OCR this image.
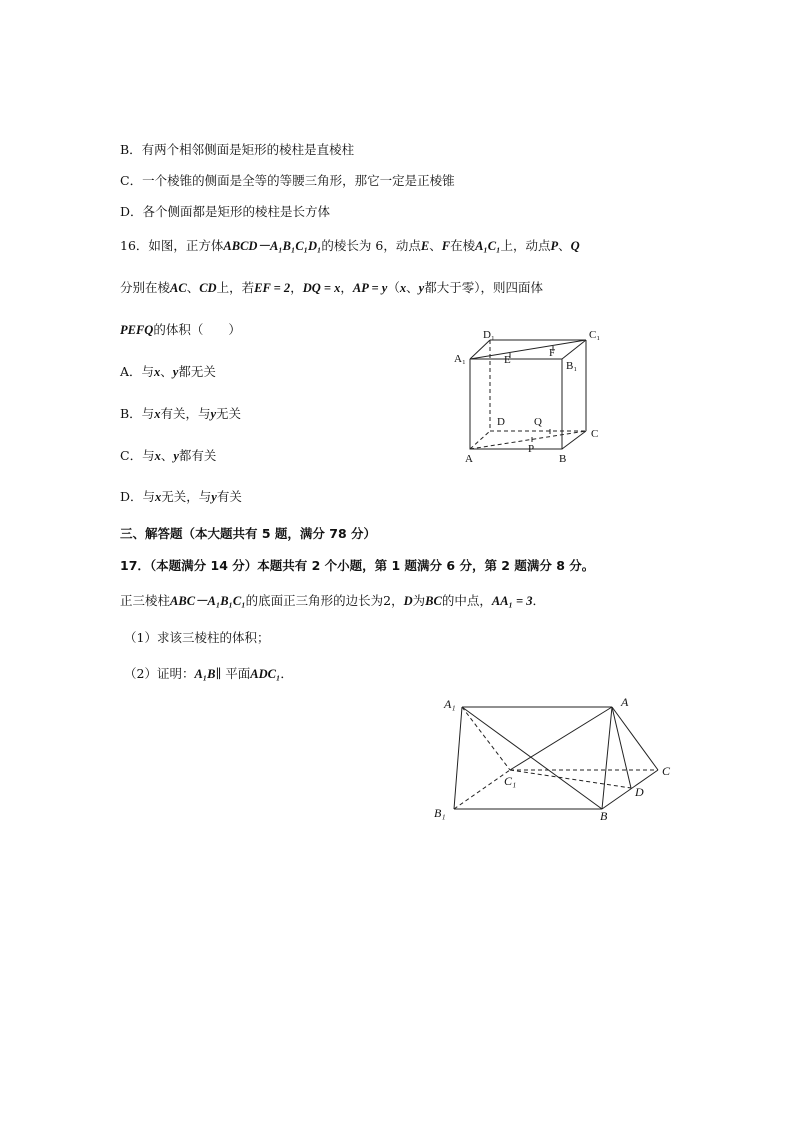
B．有两个相邻侧面是矩形的棱柱是直棱柱
C．一个棱锥的侧面是全等的等腰三角形，那它一定是正棱锥
D．各个侧面都是矩形的棱柱是长方体
16．如图，正方体ABCD－A₁B₁C₁D₁的棱长为 6，动点E、F在棱A₁C₁上，动点P、Q
分别在棱AC、CD上，若EF = 2，DQ = x，AP = y（x、y都大于零），则四面体
PEFQ的体积（　　）
A．与x、y都无关
B．与x有关，与y无关
C．与x、y都有关
D．与x无关，与y有关
D₁	C₁
A₁
B₁
E
F
D	Q
C
A
P
B
三、解答题（本大题共有 5 题，满分 78 分）
17．（本题满分 14 分）本题共有 2 个小题，第 1 题满分 6 分，第 2 题满分 8 分。
正三棱柱ABC－A₁B₁C₁的底面正三角形的边长为2，D为BC的中点，AA₁ = 3．
（1）求该三棱柱的体积；
（2）证明：A₁B∥ 平面ADC₁．
A₁	A
C₁
C
D
B₁	B
